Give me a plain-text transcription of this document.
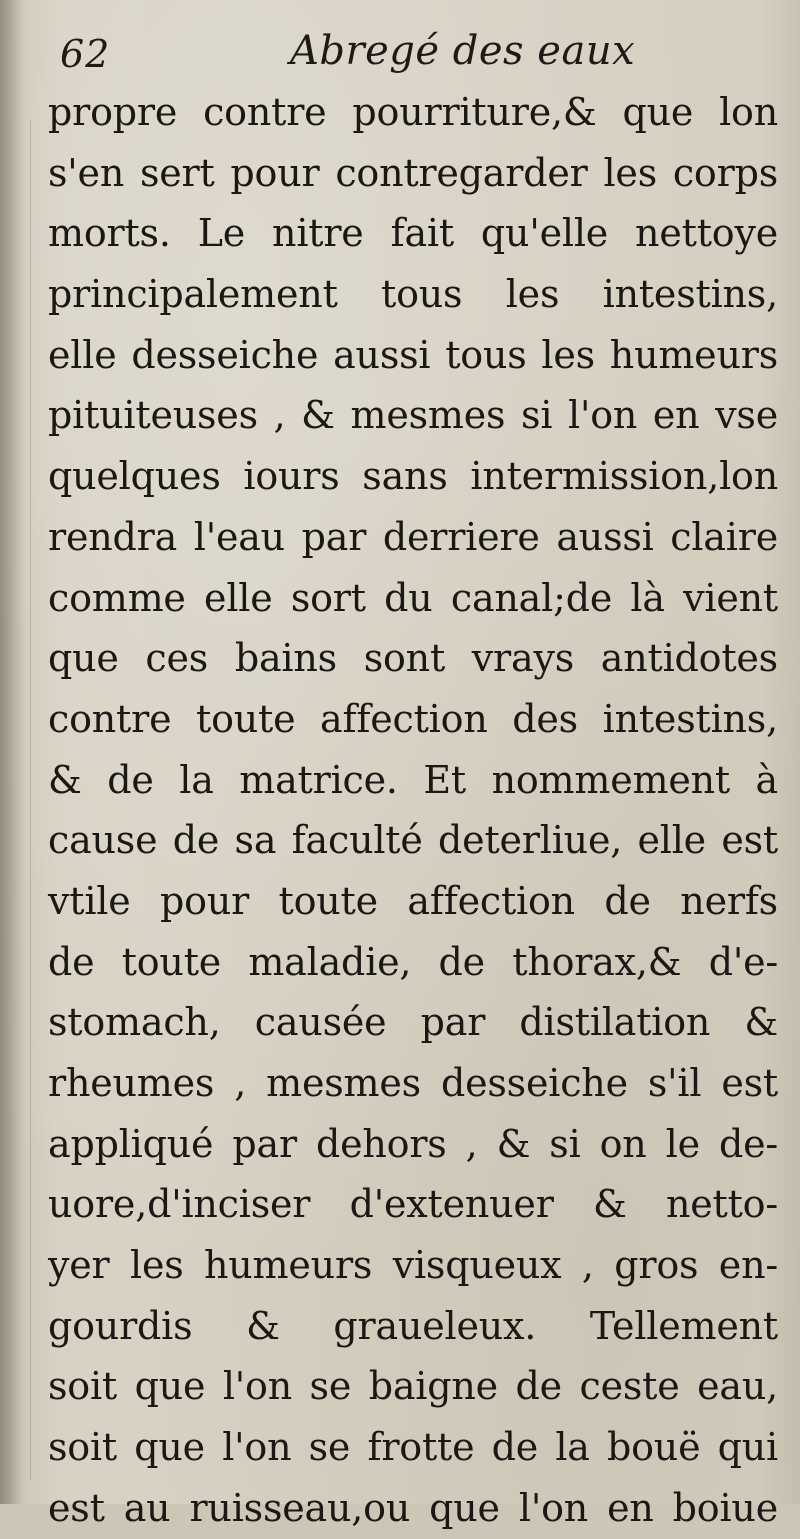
62	Abregé des eaux
propre contre pourriture,& que lon
s'en sert pour contregarder les corps
morts. Le nitre fait qu'elle nettoye
principalement tous les intestins,
elle desseiche aussi tous les humeurs
pituiteuses , & mesmes si l'on en vse
quelques iours sans intermission,lon
rendra l'eau par derriere aussi claire
comme elle sort du canal;de là vient
que ces bains sont vrays antidotes
contre toute affection des intestins,
& de la matrice. Et nommement à
cause de sa faculté deterliue, elle est
vtile pour toute affection de nerfs
de toute maladie, de thorax,& d'e-
stomach, causée par distilation &
rheumes , mesmes desseiche s'il est
appliqué par dehors , & si on le de-
uore,d'inciser d'extenuer & netto-
yer les humeurs visqueux , gros en-
gourdis & graueleux. Tellement
soit que l'on se baigne de ceste eau,
soit que l'on se frotte de la bouë qui
est au ruisseau,ou que l'on en boiue
